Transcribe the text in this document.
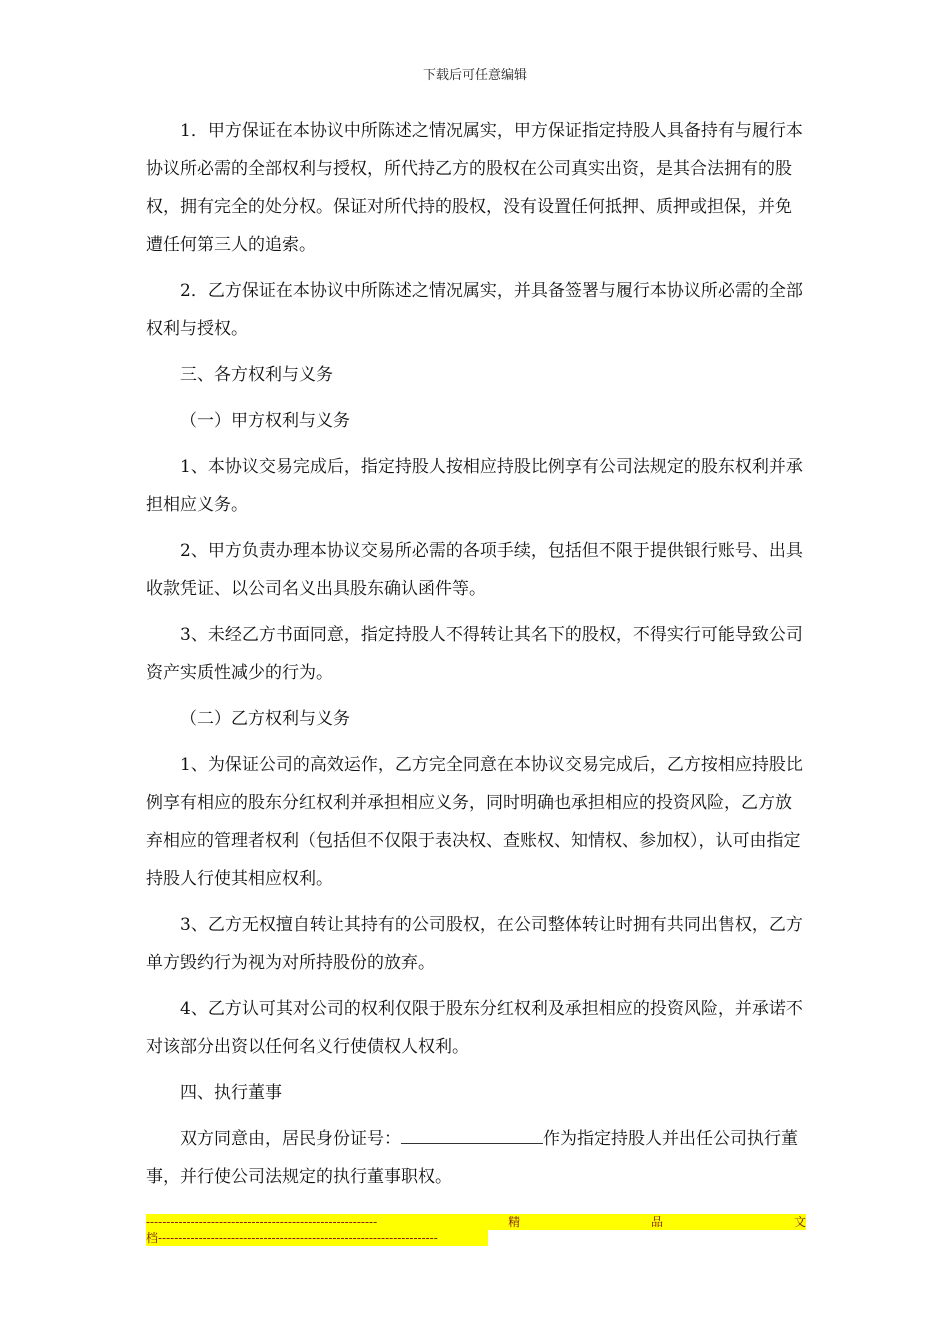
下载后可任意编辑

1．甲方保证在本协议中所陈述之情况属实，甲方保证指定持股人具备持有与履行本协议所必需的全部权利与授权，所代持乙方的股权在公司真实出资，是其合法拥有的股权，拥有完全的处分权。保证对所代持的股权，没有设置任何抵押、质押或担保，并免遭任何第三人的追索。

2．乙方保证在本协议中所陈述之情况属实，并具备签署与履行本协议所必需的全部权利与授权。

三、各方权利与义务

（一）甲方权利与义务

1、本协议交易完成后，指定持股人按相应持股比例享有公司法规定的股东权利并承担相应义务。

2、甲方负责办理本协议交易所必需的各项手续，包括但不限于提供银行账号、出具收款凭证、以公司名义出具股东确认函件等。

3、未经乙方书面同意，指定持股人不得转让其名下的股权，不得实行可能导致公司资产实质性减少的行为。

（二）乙方权利与义务

1、为保证公司的高效运作，乙方完全同意在本协议交易完成后，乙方按相应持股比例享有相应的股东分红权利并承担相应义务，同时明确也承担相应的投资风险，乙方放弃相应的管理者权利（包括但不仅限于表决权、查账权、知情权、参加权），认可由指定持股人行使其相应权利。

3、乙方无权擅自转让其持有的公司股权，在公司整体转让时拥有共同出售权，乙方单方毁约行为视为对所持股份的放弃。

4、乙方认可其对公司的权利仅限于股东分红权利及承担相应的投资风险，并承诺不对该部分出资以任何名义行使债权人权利。

四、执行董事

双方同意由，居民身份证号：	作为指定持股人并出任公司执行董事，并行使公司法规定的执行董事职权。

---------------------------------------------------------	精	品	文
档---------------------------------------------------------------------
